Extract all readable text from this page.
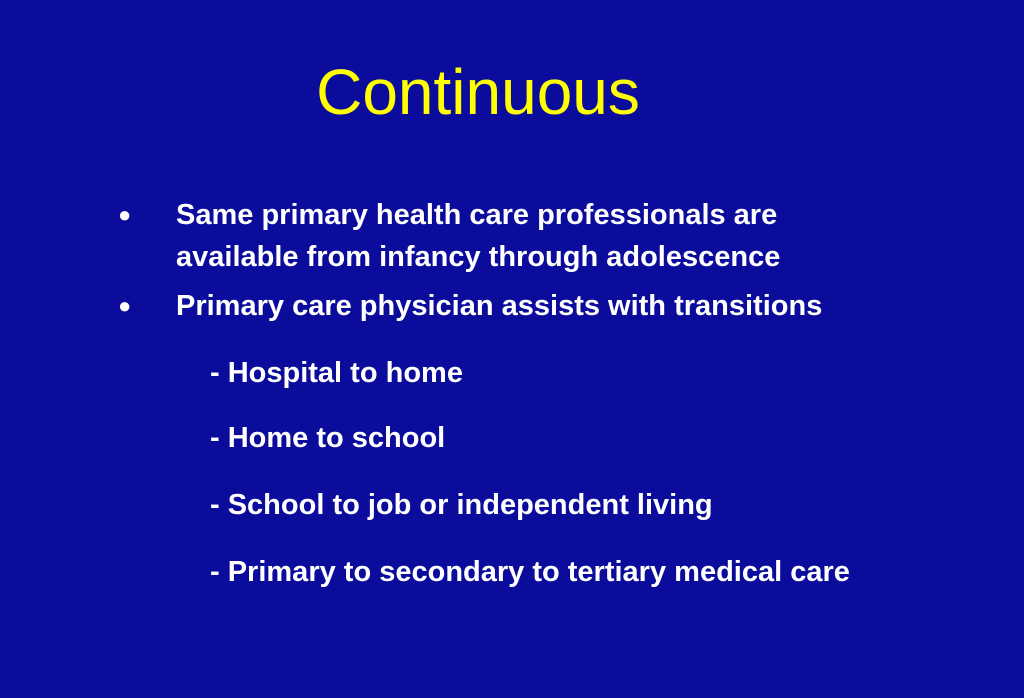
Continuous
●	Same primary health care professionals are
available from infancy through adolescence
●	Primary care physician assists with transitions
- Hospital to home
- Home to school
- School to job or independent living
- Primary to secondary to tertiary medical care
